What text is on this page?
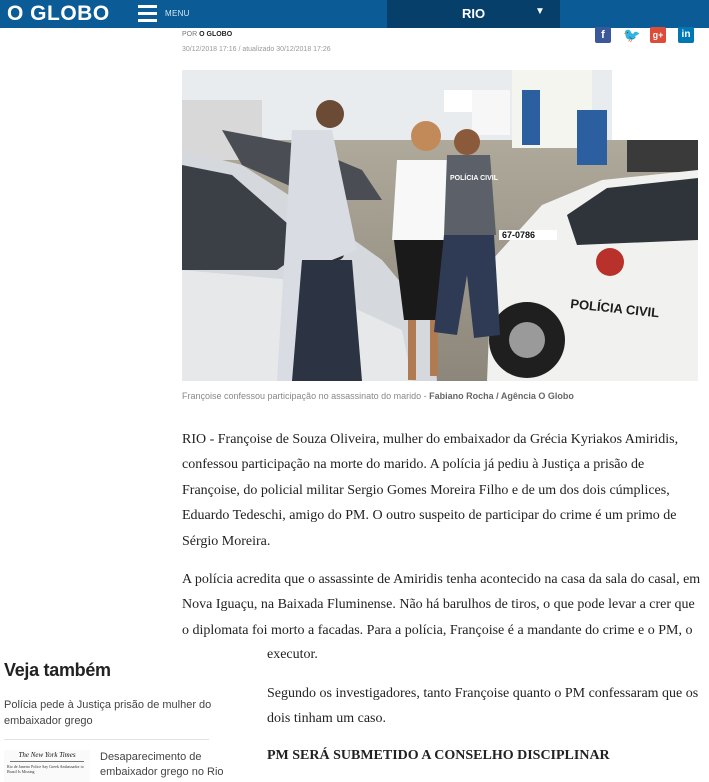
O GLOBO	MENU	RIO	▼
POR O GLOBO
30/12/2018 17:16 / atualizado 30/12/2018 17:26
f	🐦 g+	in
67-0786
POLÍCIA CIVIL
POLÍCIA CIVIL
Françoise confessou participação no assassinato do marido - Fabiano Rocha / Agência O Globo

RIO - Françoise de Souza Oliveira, mulher do embaixador da Grécia Kyriakos Amiridis, confessou participação na morte do marido. A polícia já pediu à Justiça a prisão de Françoise, do policial militar Sergio Gomes Moreira Filho e de um dos dois cúmplices, Eduardo Tedeschi, amigo do PM. O outro suspeito de participar do crime é um primo de Sérgio Moreira.

A polícia acredita que o assassinte de Amiridis tenha acontecido na casa da sala do casal, em Nova Iguaçu, na Baixada Fluminense. Não há barulhos de tiros, o que pode levar a crer que o diplomata foi morto a facadas. Para a polícia, Françoise é a mandante do crime e o PM, o

executor.

Segundo os investigadores, tanto Françoise quanto o PM confessaram que os dois tinham um caso.

PM SERÁ SUBMETIDO A CONSELHO DISCIPLINAR
Veja também
Polícia pede à Justiça prisão de mulher do embaixador grego
The New York Times
Rio de Janeiro Police Say Greek Ambassador to Brazil Is Missing
Desaparecimento de embaixador grego no Rio
